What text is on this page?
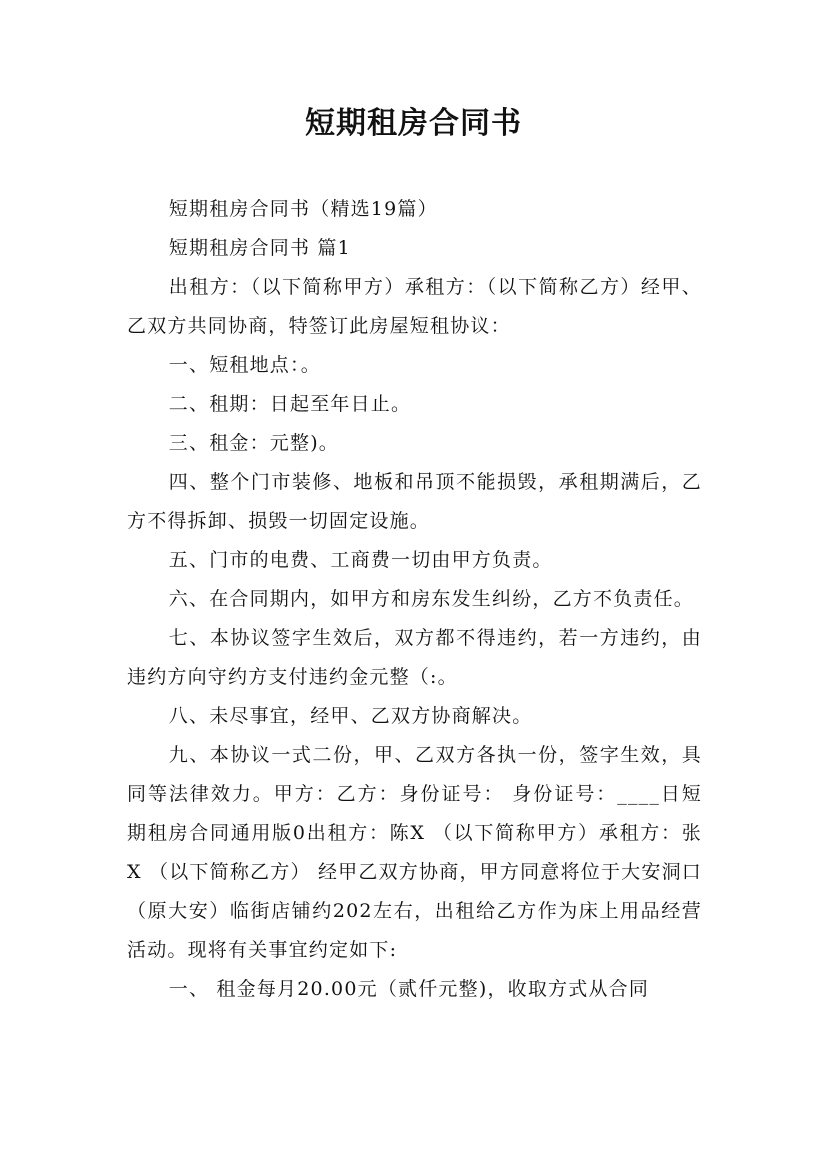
短期租房合同书

短期租房合同书（精选19篇）

短期租房合同书 篇1

出租方：（以下简称甲方）承租方：（以下简称乙方）经甲、乙双方共同协商，特签订此房屋短租协议：

一、短租地点：。

二、租期：日起至年日止。

三、租金：元整)。

四、整个门市装修、地板和吊顶不能损毁，承租期满后，乙方不得拆卸、损毁一切固定设施。

五、门市的电费、工商费一切由甲方负责。

六、在合同期内，如甲方和房东发生纠纷，乙方不负责任。

七、本协议签字生效后，双方都不得违约，若一方违约，由违约方向守约方支付违约金元整（:。

八、未尽事宜，经甲、乙双方协商解决。

九、本协议一式二份，甲、乙双方各执一份，签字生效，具同等法律效力。甲方：乙方：身份证号： 身份证号：____日短期租房合同通用版0出租方：陈X （以下简称甲方）承租方：张X （以下简称乙方） 经甲乙双方协商，甲方同意将位于大安洞口（原大安）临街店铺约202左右，出租给乙方作为床上用品经营活动。现将有关事宜约定如下:

一、 租金每月20.00元（贰仟元整)，收取方式从合同
